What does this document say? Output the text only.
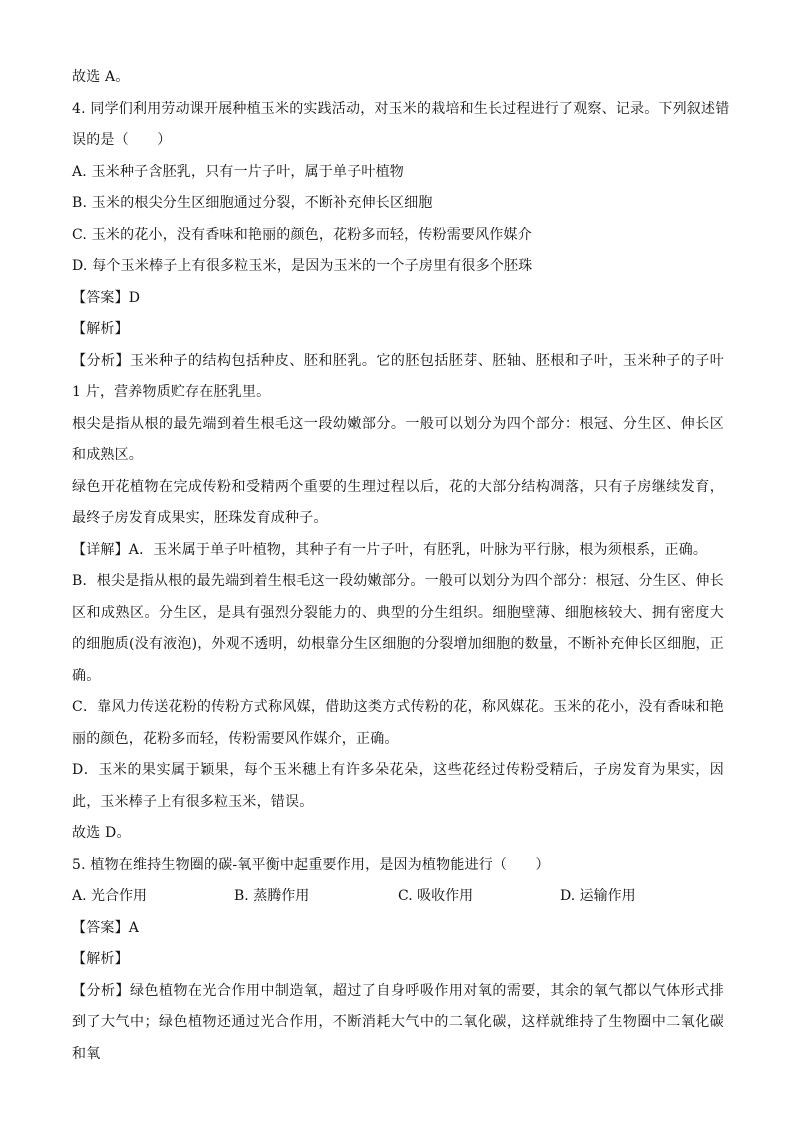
故选 A。
4. 同学们利用劳动课开展种植玉米的实践活动，对玉米的栽培和生长过程进行了观察、记录。下列叙述错
误的是（　　）
A. 玉米种子含胚乳，只有一片子叶，属于单子叶植物
B. 玉米的根尖分生区细胞通过分裂，不断补充伸长区细胞
C. 玉米的花小，没有香味和艳丽的颜色，花粉多而轻，传粉需要风作媒介
D. 每个玉米棒子上有很多粒玉米，是因为玉米的一个子房里有很多个胚珠
【答案】D
【解析】
【分析】玉米种子的结构包括种皮、胚和胚乳。它的胚包括胚芽、胚轴、胚根和子叶，玉米种子的子叶 1 片，营养物质贮存在胚乳里。
根尖是指从根的最先端到着生根毛这一段幼嫩部分。一般可以划分为四个部分：根冠、分生区、伸长区和成熟区。
绿色开花植物在完成传粉和受精两个重要的生理过程以后，花的大部分结构凋落，只有子房继续发育，最终子房发育成果实，胚珠发育成种子。
【详解】A．玉米属于单子叶植物，其种子有一片子叶，有胚乳，叶脉为平行脉，根为须根系，正确。
B．根尖是指从根的最先端到着生根毛这一段幼嫩部分。一般可以划分为四个部分：根冠、分生区、伸长区和成熟区。分生区，是具有强烈分裂能力的、典型的分生组织。细胞壁薄、细胞核较大、拥有密度大的细胞质(没有液泡)，外观不透明，幼根靠分生区细胞的分裂增加细胞的数量，不断补充伸长区细胞，正确。
C．靠风力传送花粉的传粉方式称风媒，借助这类方式传粉的花，称风媒花。玉米的花小，没有香味和艳丽的颜色，花粉多而轻，传粉需要风作媒介，正确。
D．玉米的果实属于颖果，每个玉米穗上有许多朵花朵，这些花经过传粉受精后，子房发育为果实，因此，玉米棒子上有很多粒玉米，错误。
故选 D。
5. 植物在维持生物圈的碳-氧平衡中起重要作用，是因为植物能进行（　　）
A. 光合作用	B. 蒸腾作用	C. 吸收作用	D. 运输作用
【答案】A
【解析】
【分析】绿色植物在光合作用中制造氧，超过了自身呼吸作用对氧的需要，其余的氧气都以气体形式排到了大气中；绿色植物还通过光合作用，不断消耗大气中的二氧化碳，这样就维持了生物圈中二氧化碳和氧
